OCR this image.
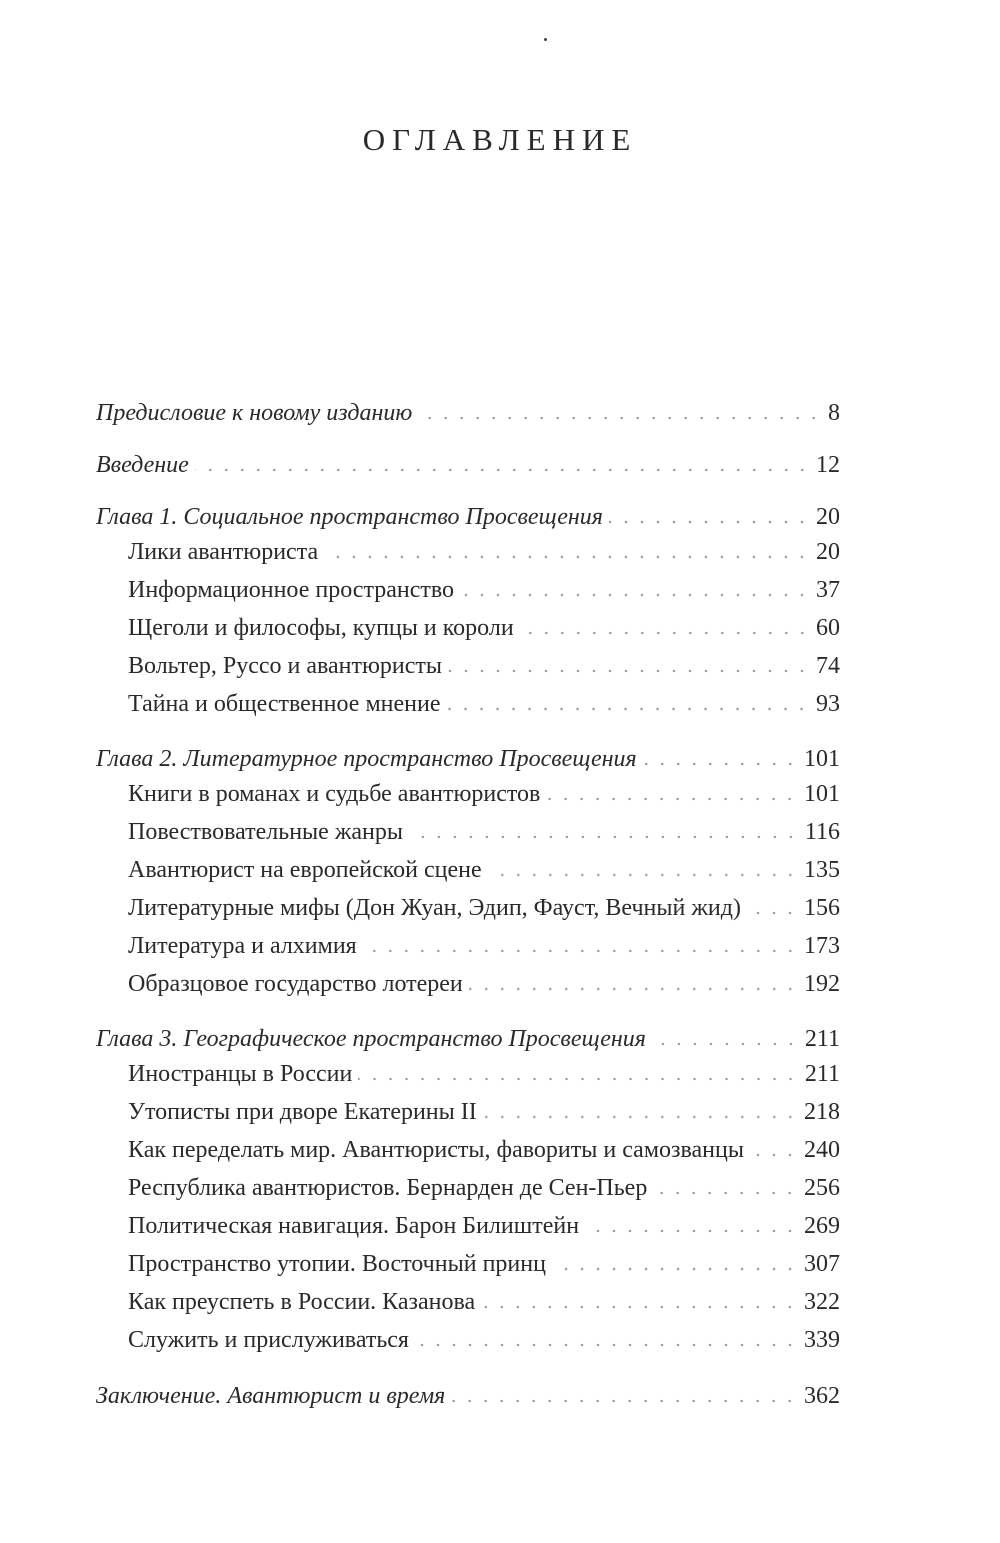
ОГЛАВЛЕНИЕ
Предисловие к новому изданию	8
Введение	12
Глава 1. Социальное пространство Просвещения	20
Лики авантюриста	20
Информационное пространство	37
Щеголи и философы, купцы и короли	60
Вольтер, Руссо и авантюристы	74
Тайна и общественное мнение	93
Глава 2. Литературное пространство Просвещения	101
Книги в романах и судьбе авантюристов	101
Повествовательные жанры	116
Авантюрист на европейской сцене	135
Литературные мифы (Дон Жуан, Эдип, Фауст, Вечный жид)	156
Литература и алхимия	173
Образцовое государство лотереи	192
Глава 3. Географическое пространство Просвещения	211
Иностранцы в России	211
Утописты при дворе Екатерины II	218
Как переделать мир. Авантюристы, фавориты и самозванцы	240
Республика авантюристов. Бернарден де Сен-Пьер	256
Политическая навигация. Барон Билиштейн	269
Пространство утопии. Восточный принц	307
Как преуспеть в России. Казанова	322
Служить и прислуживаться	339
Заключение. Авантюрист и время	362
